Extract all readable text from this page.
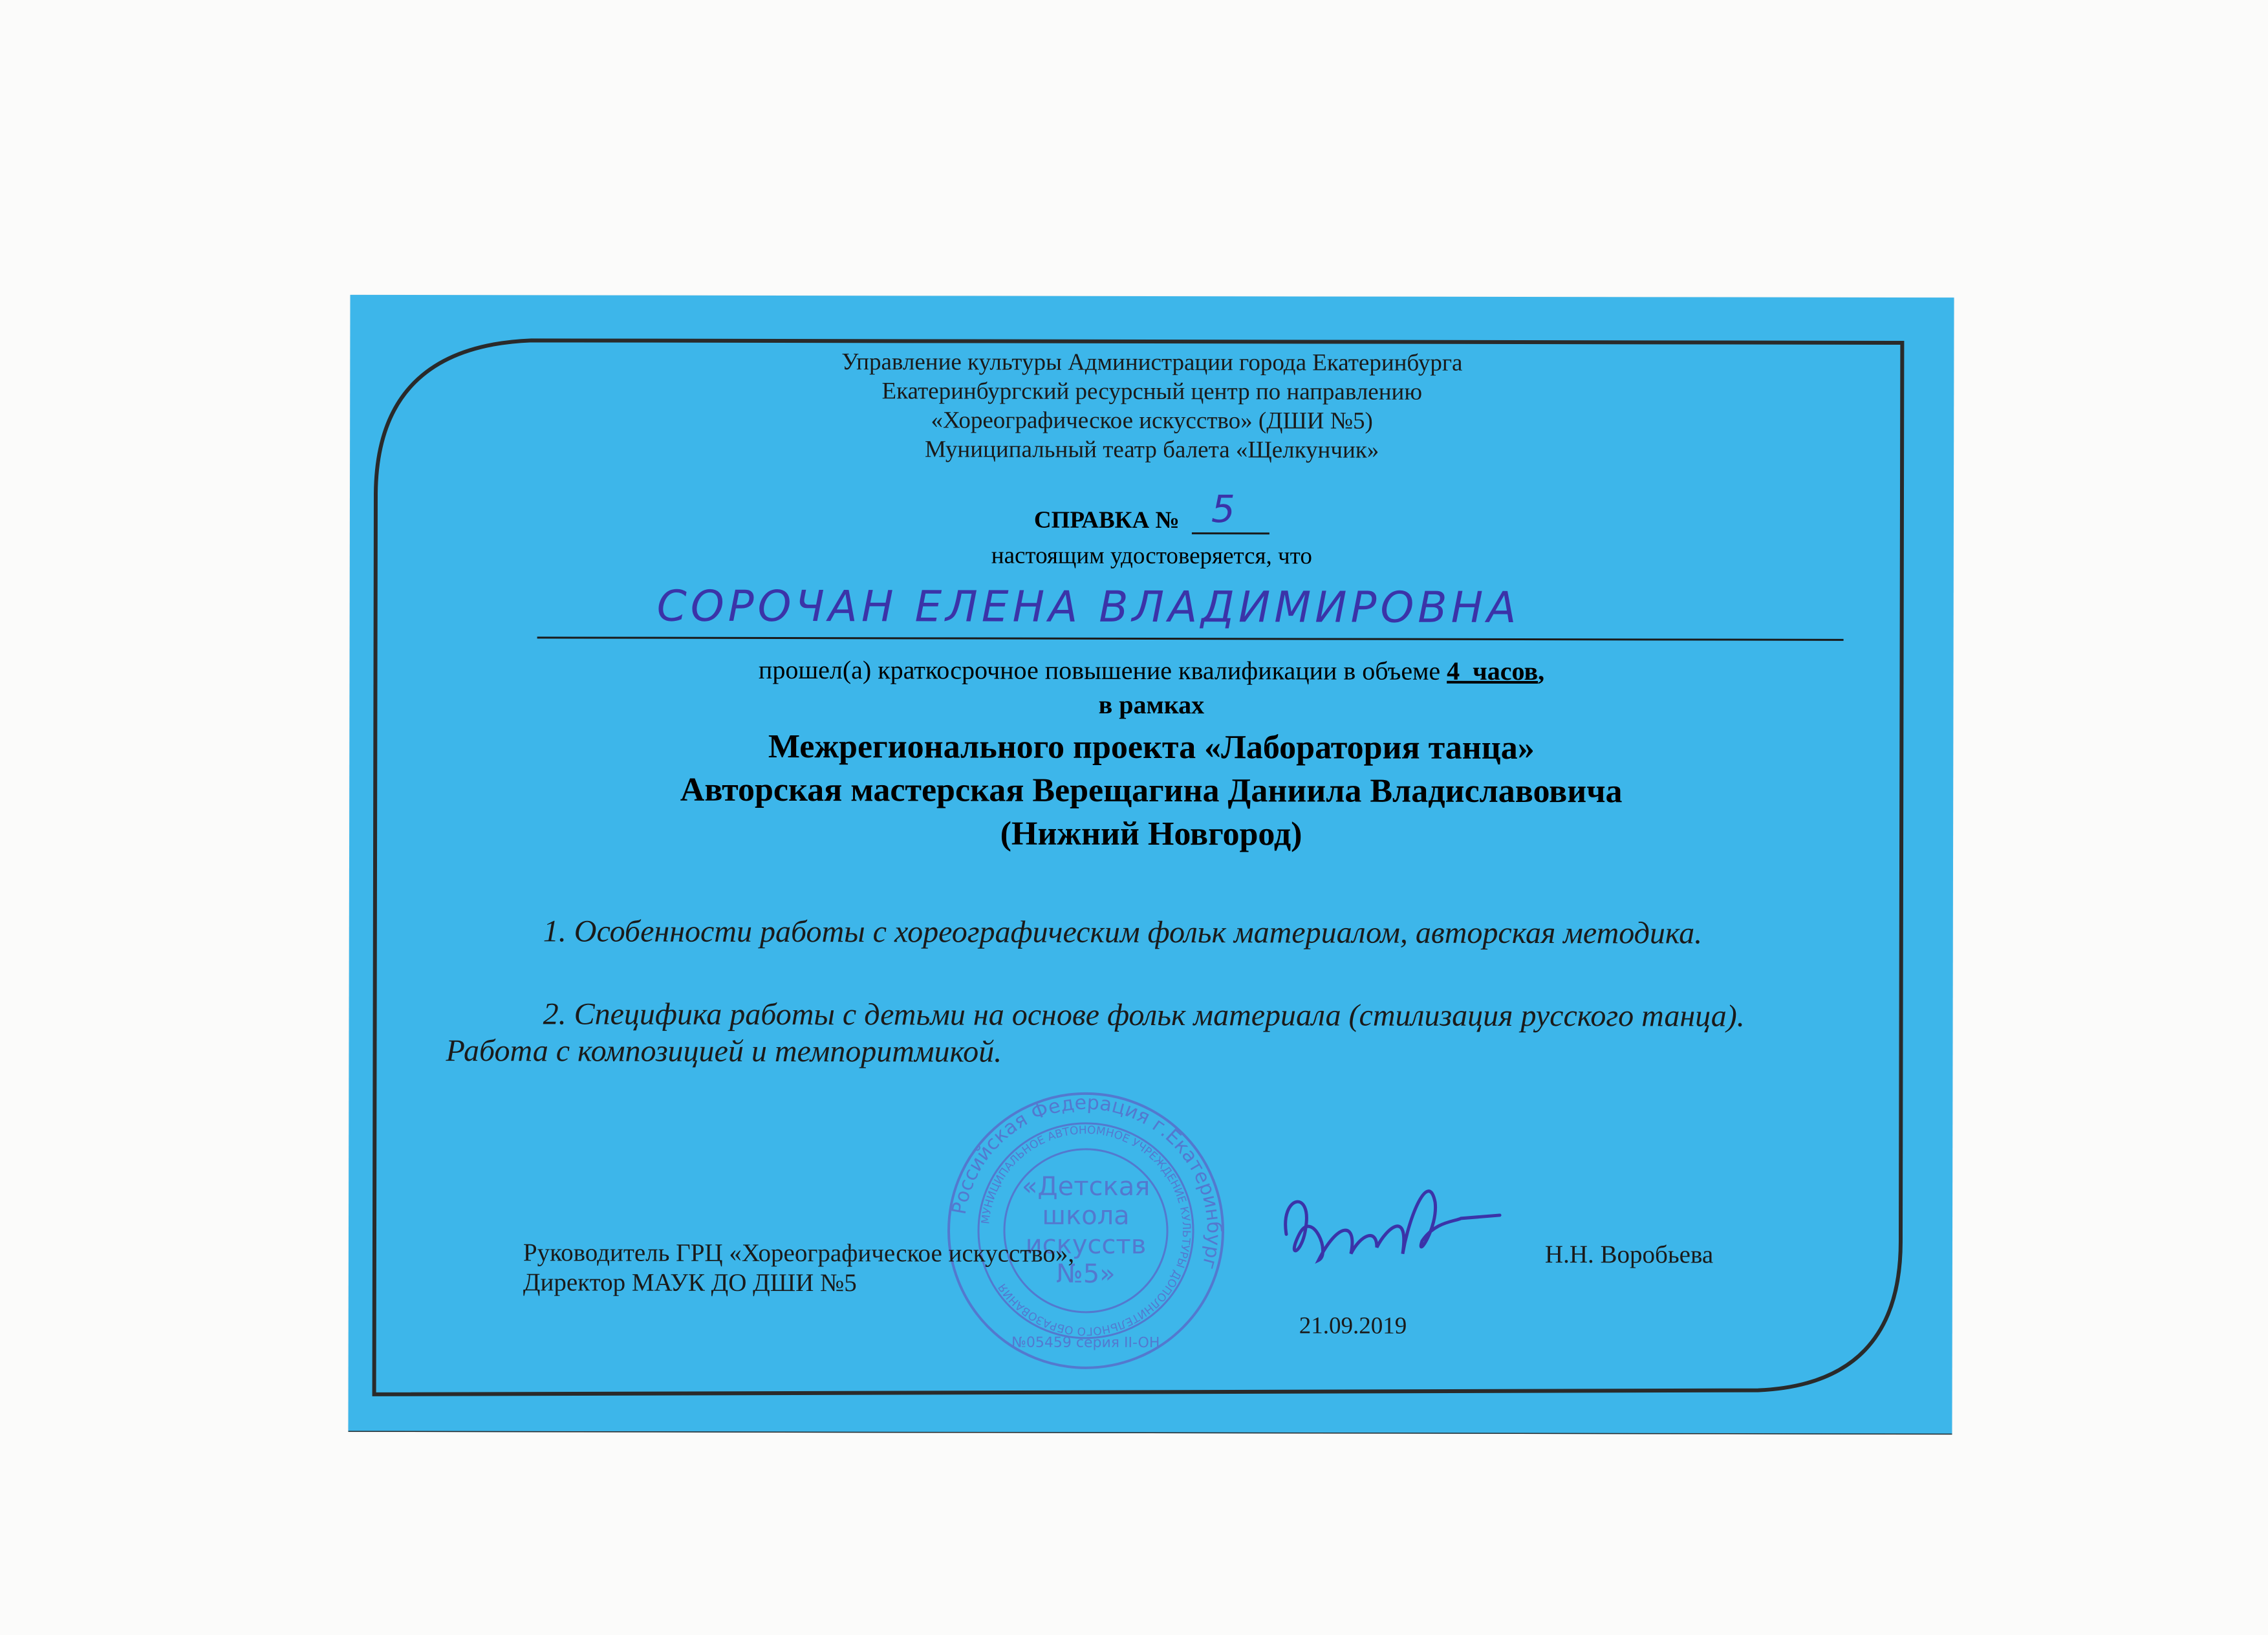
Управление культуры Администрации города Екатеринбурга
Екатеринбургский ресурсный центр по направлению
«Хореографическое искусство» (ДШИ №5)
Муниципальный театр балета «Щелкунчик»
СПРАВКА № 5
настоящим удостоверяется, что
СОРОЧАН ЕЛЕНА ВЛАДИМИРОВНА
прошел(а) краткосрочное повышение квалификации в объеме 4  часов,
в рамках
Межрегионального проекта «Лаборатория танца»
Авторская мастерская Верещагина Даниила Владиславовича
(Нижний Новгород)
1. Особенности работы с хореографическим фольк материалом, авторская методика.
2. Специфика работы с детьми на основе фольк материала (стилизация русского танца). Работа с композицией и темпоритмикой.
Российская Федерация г.Екатеринбург
МУНИЦИПАЛЬНОЕ АВТОНОМНОЕ УЧРЕЖДЕНИЕ КУЛЬТУРЫ ДОПОЛНИТЕЛЬНОГО ОБРАЗОВАНИЯ
«Детская
школа
искусств
№5»
№05459 серия II-OH
Руководитель ГРЦ «Хореографическое искусство»,
Директор МАУК ДО ДШИ №5
Н.Н. Воробьева
21.09.2019
